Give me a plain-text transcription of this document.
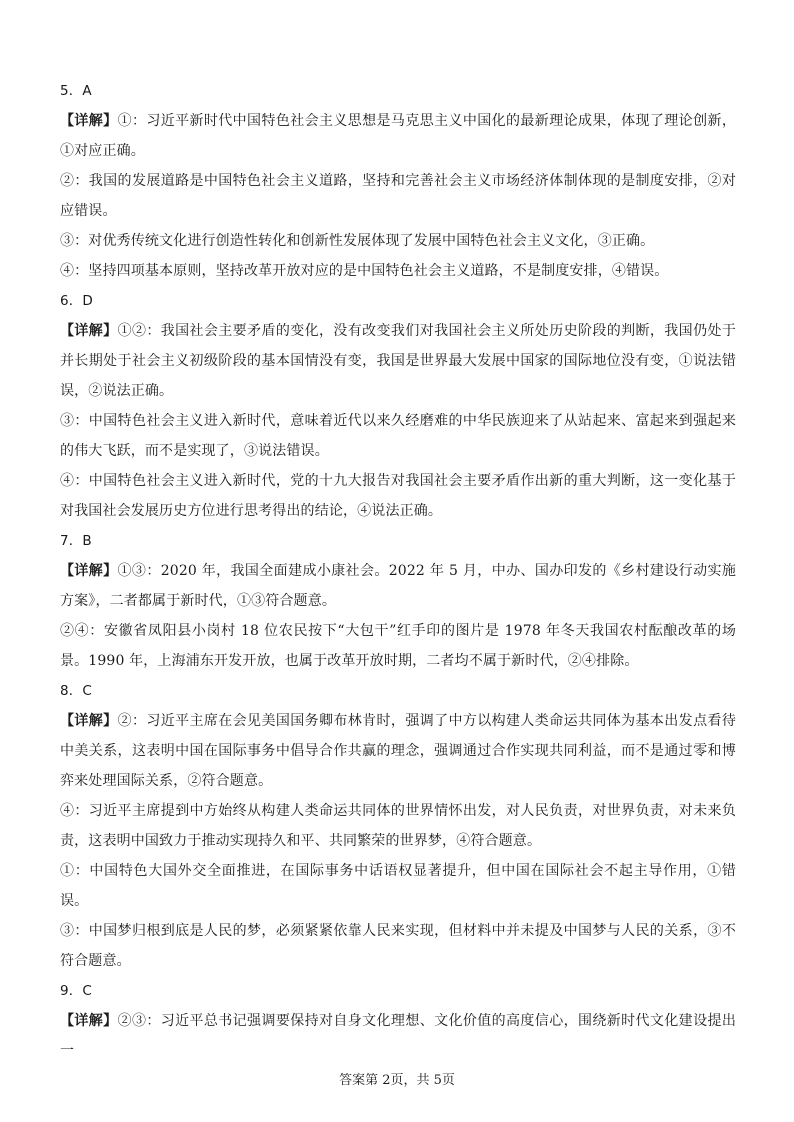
5．A
【详解】①：习近平新时代中国特色社会主义思想是马克思主义中国化的最新理论成果，体现了理论创新，①对应正确。
②：我国的发展道路是中国特色社会主义道路，坚持和完善社会主义市场经济体制体现的是制度安排，②对应错误。
③：对优秀传统文化进行创造性转化和创新性发展体现了发展中国特色社会主义文化，③正确。
④：坚持四项基本原则，坚持改革开放对应的是中国特色社会主义道路，不是制度安排，④错误。
6．D
【详解】①②：我国社会主要矛盾的变化，没有改变我们对我国社会主义所处历史阶段的判断，我国仍处于并长期处于社会主义初级阶段的基本国情没有变，我国是世界最大发展中国家的国际地位没有变，①说法错误，②说法正确。
③：中国特色社会主义进入新时代，意味着近代以来久经磨难的中华民族迎来了从站起来、富起来到强起来的伟大飞跃，而不是实现了，③说法错误。
④：中国特色社会主义进入新时代，党的十九大报告对我国社会主要矛盾作出新的重大判断，这一变化基于对我国社会发展历史方位进行思考得出的结论，④说法正确。
7．B
【详解】①③：2020 年，我国全面建成小康社会。2022 年 5 月，中办、国办印发的《乡村建设行动实施方案》，二者都属于新时代，①③符合题意。
②④：安徽省凤阳县小岗村 18 位农民按下“大包干”红手印的图片是 1978 年冬天我国农村酝酿改革的场景。1990 年，上海浦东开发开放，也属于改革开放时期，二者均不属于新时代，②④排除。
8．C
【详解】②：习近平主席在会见美国国务卿布林肯时，强调了中方以构建人类命运共同体为基本出发点看待中美关系，这表明中国在国际事务中倡导合作共赢的理念，强调通过合作实现共同利益，而不是通过零和博弈来处理国际关系，②符合题意。
④：习近平主席提到中方始终从构建人类命运共同体的世界情怀出发，对人民负责，对世界负责，对未来负责，这表明中国致力于推动实现持久和平、共同繁荣的世界梦，④符合题意。
①：中国特色大国外交全面推进，在国际事务中话语权显著提升，但中国在国际社会不起主导作用，①错误。
③：中国梦归根到底是人民的梦，必须紧紧依靠人民来实现，但材料中并未提及中国梦与人民的关系，③不符合题意。
9．C
【详解】②③：习近平总书记强调要保持对自身文化理想、文化价值的高度信心，围绕新时代文化建设提出一
答案第 2页，共 5页
